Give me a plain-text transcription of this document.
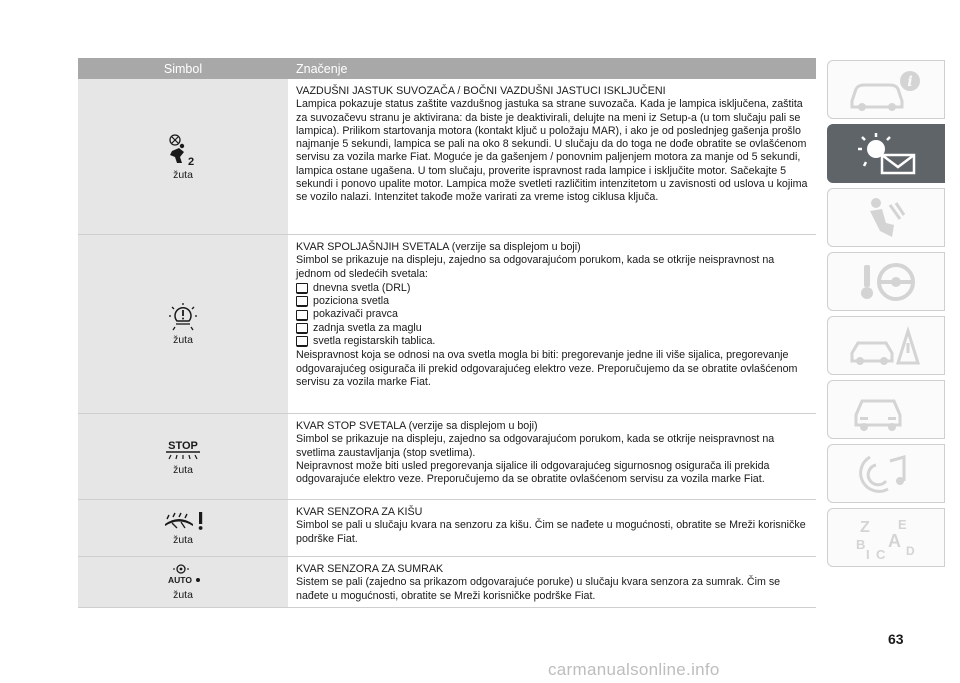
Simbol	Značenje
2
žuta

VAZDUŠNI JASTUK SUVOZAČA / BOČNI VAZDUŠNI JASTUCI ISKLJUČENI

Lampica pokazuje status zaštite vazdušnog jastuka sa strane suvozača. Kada je lampica isključena, zaštita za suvozačevu stranu je aktivirana: da biste je deaktivirali, delujte na meni iz Setup-a (u tom slučaju pali se lampica). Prilikom startovanja motora (kontakt ključ u položaju MAR), i ako je od poslednjeg gašenja prošlo najmanje 5 sekundi, lampica se pali na oko 8 sekundi. U slučaju da do toga ne dođe obratite se ovlašćenom servisu za vozila marke Fiat. Moguće je da gašenjem / ponovnim paljenjem motora za manje od 5 sekundi, lampica ostane ugašena. U tom slučaju, proverite ispravnost rada lampice i isključite motor. Sačekajte 5 sekundi i ponovo upalite motor. Lampica može svetleti različitim intenzitetom u zavisnosti od uslova u kojima se vozilo nalazi. Intenzitet takođe može varirati za vreme istog ciklusa ključa.

žuta

KVAR SPOLJAŠNJIH SVETALA (verzije sa displejom u boji)

Simbol se prikazuje na displeju, zajedno sa odgovarajućom porukom, kada se otkrije neispravnost na jednom od sledećih svetala:

dnevna svetla (DRL)
poziciona svetla
pokazivači pravca
zadnja svetla za maglu
svetla registarskih tablica.

Neispravnost koja se odnosi na ova svetla mogla bi biti: pregorevanje jedne ili više sijalica, pregorevanje odgovarajućeg osigurača ili prekid odgovarajućeg elektro veze. Preporučujemo da se obratite ovlašćenom servisu za vozila marke Fiat.

STOP
žuta

KVAR STOP SVETALA (verzije sa displejom u boji)

Simbol se prikazuje na displeju, zajedno sa odgovarajućom porukom, kada se otkrije neispravnost na svetlima zaustavljanja (stop svetlima).

Neipravnost može biti usled pregorevanja sijalice ili odgovarajućeg sigurnosnog osigurača ili prekida odgovarajuće elektro veze. Preporučujemo da se obratite ovlašćenom servisu za vozila marke Fiat.

žuta

KVAR SENZORA ZA KIŠU

Simbol se pali u slučaju kvara na senzoru za kišu. Čim se nađete u mogućnosti, obratite se Mreži korisničke podrške Fiat.

AUTO
žuta

KVAR SENZORA ZA SUMRAK

Sistem se pali (zajedno sa prikazom odgovarajuće poruke) u slučaju kvara senzora za sumrak. Čim se nađete u mogućnosti, obratite se Mreži korisničke podrške Fiat.

i
Z E
B A
I C D
63
carmanualsonline.info
